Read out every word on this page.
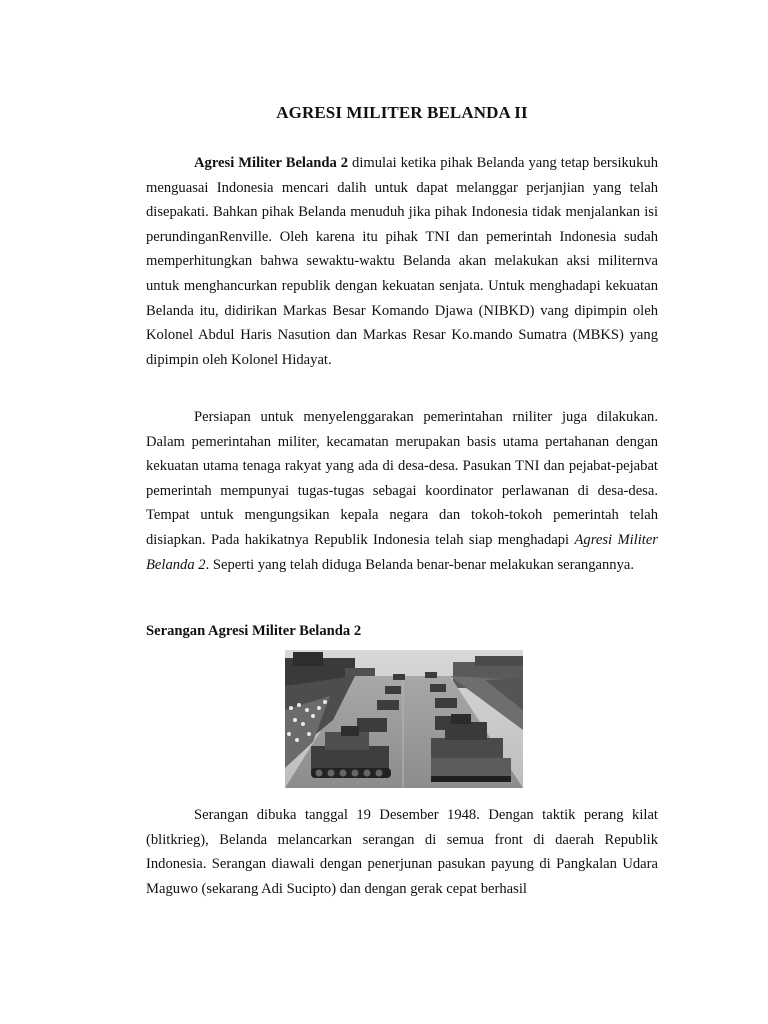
AGRESI MILITER BELANDA II
Agresi Militer Belanda 2 dimulai ketika pihak Belanda yang tetap bersikukuh menguasai Indonesia mencari dalih untuk dapat melanggar perjanjian yang telah disepakati. Bahkan pihak Belanda menuduh jika pihak Indonesia tidak menjalankan isi perundinganRenville. Oleh karena itu pihak TNI dan pemerintah Indonesia sudah memperhitungkan bahwa sewaktu-waktu Belanda akan melakukan aksi militernva untuk menghancurkan republik dengan kekuatan senjata. Untuk menghadapi kekuatan Belanda itu, didirikan Markas Besar Komando Djawa (NIBKD) vang dipimpin oleh Kolonel Abdul Haris Nasution dan Markas Resar Ko.mando Sumatra (MBKS) yang dipimpin oleh Kolonel Hidayat.
Persiapan untuk menyelenggarakan pemerintahan rniliter juga dilakukan. Dalam pemerintahan militer, kecamatan merupakan basis utama pertahanan dengan kekuatan utama tenaga rakyat yang ada di desa-desa. Pasukan TNI dan pejabat-pejabat pemerintah mempunyai tugas-tugas sebagai koordinator perlawanan di desa-desa. Tempat untuk mengungsikan kepala negara dan tokoh-tokoh pemerintah telah disiapkan. Pada hakikatnya Republik Indonesia telah siap menghadapi Agresi Militer Belanda 2. Seperti yang telah diduga Belanda benar-benar melakukan serangannya.
Serangan Agresi Militer Belanda 2
Serangan dibuka tanggal 19 Desember 1948. Dengan taktik perang kilat (blitkrieg), Belanda melancarkan serangan di semua front di daerah Republik Indonesia. Serangan diawali dengan penerjunan pasukan payung di Pangkalan Udara Maguwo (sekarang Adi Sucipto) dan dengan gerak cepat berhasil
